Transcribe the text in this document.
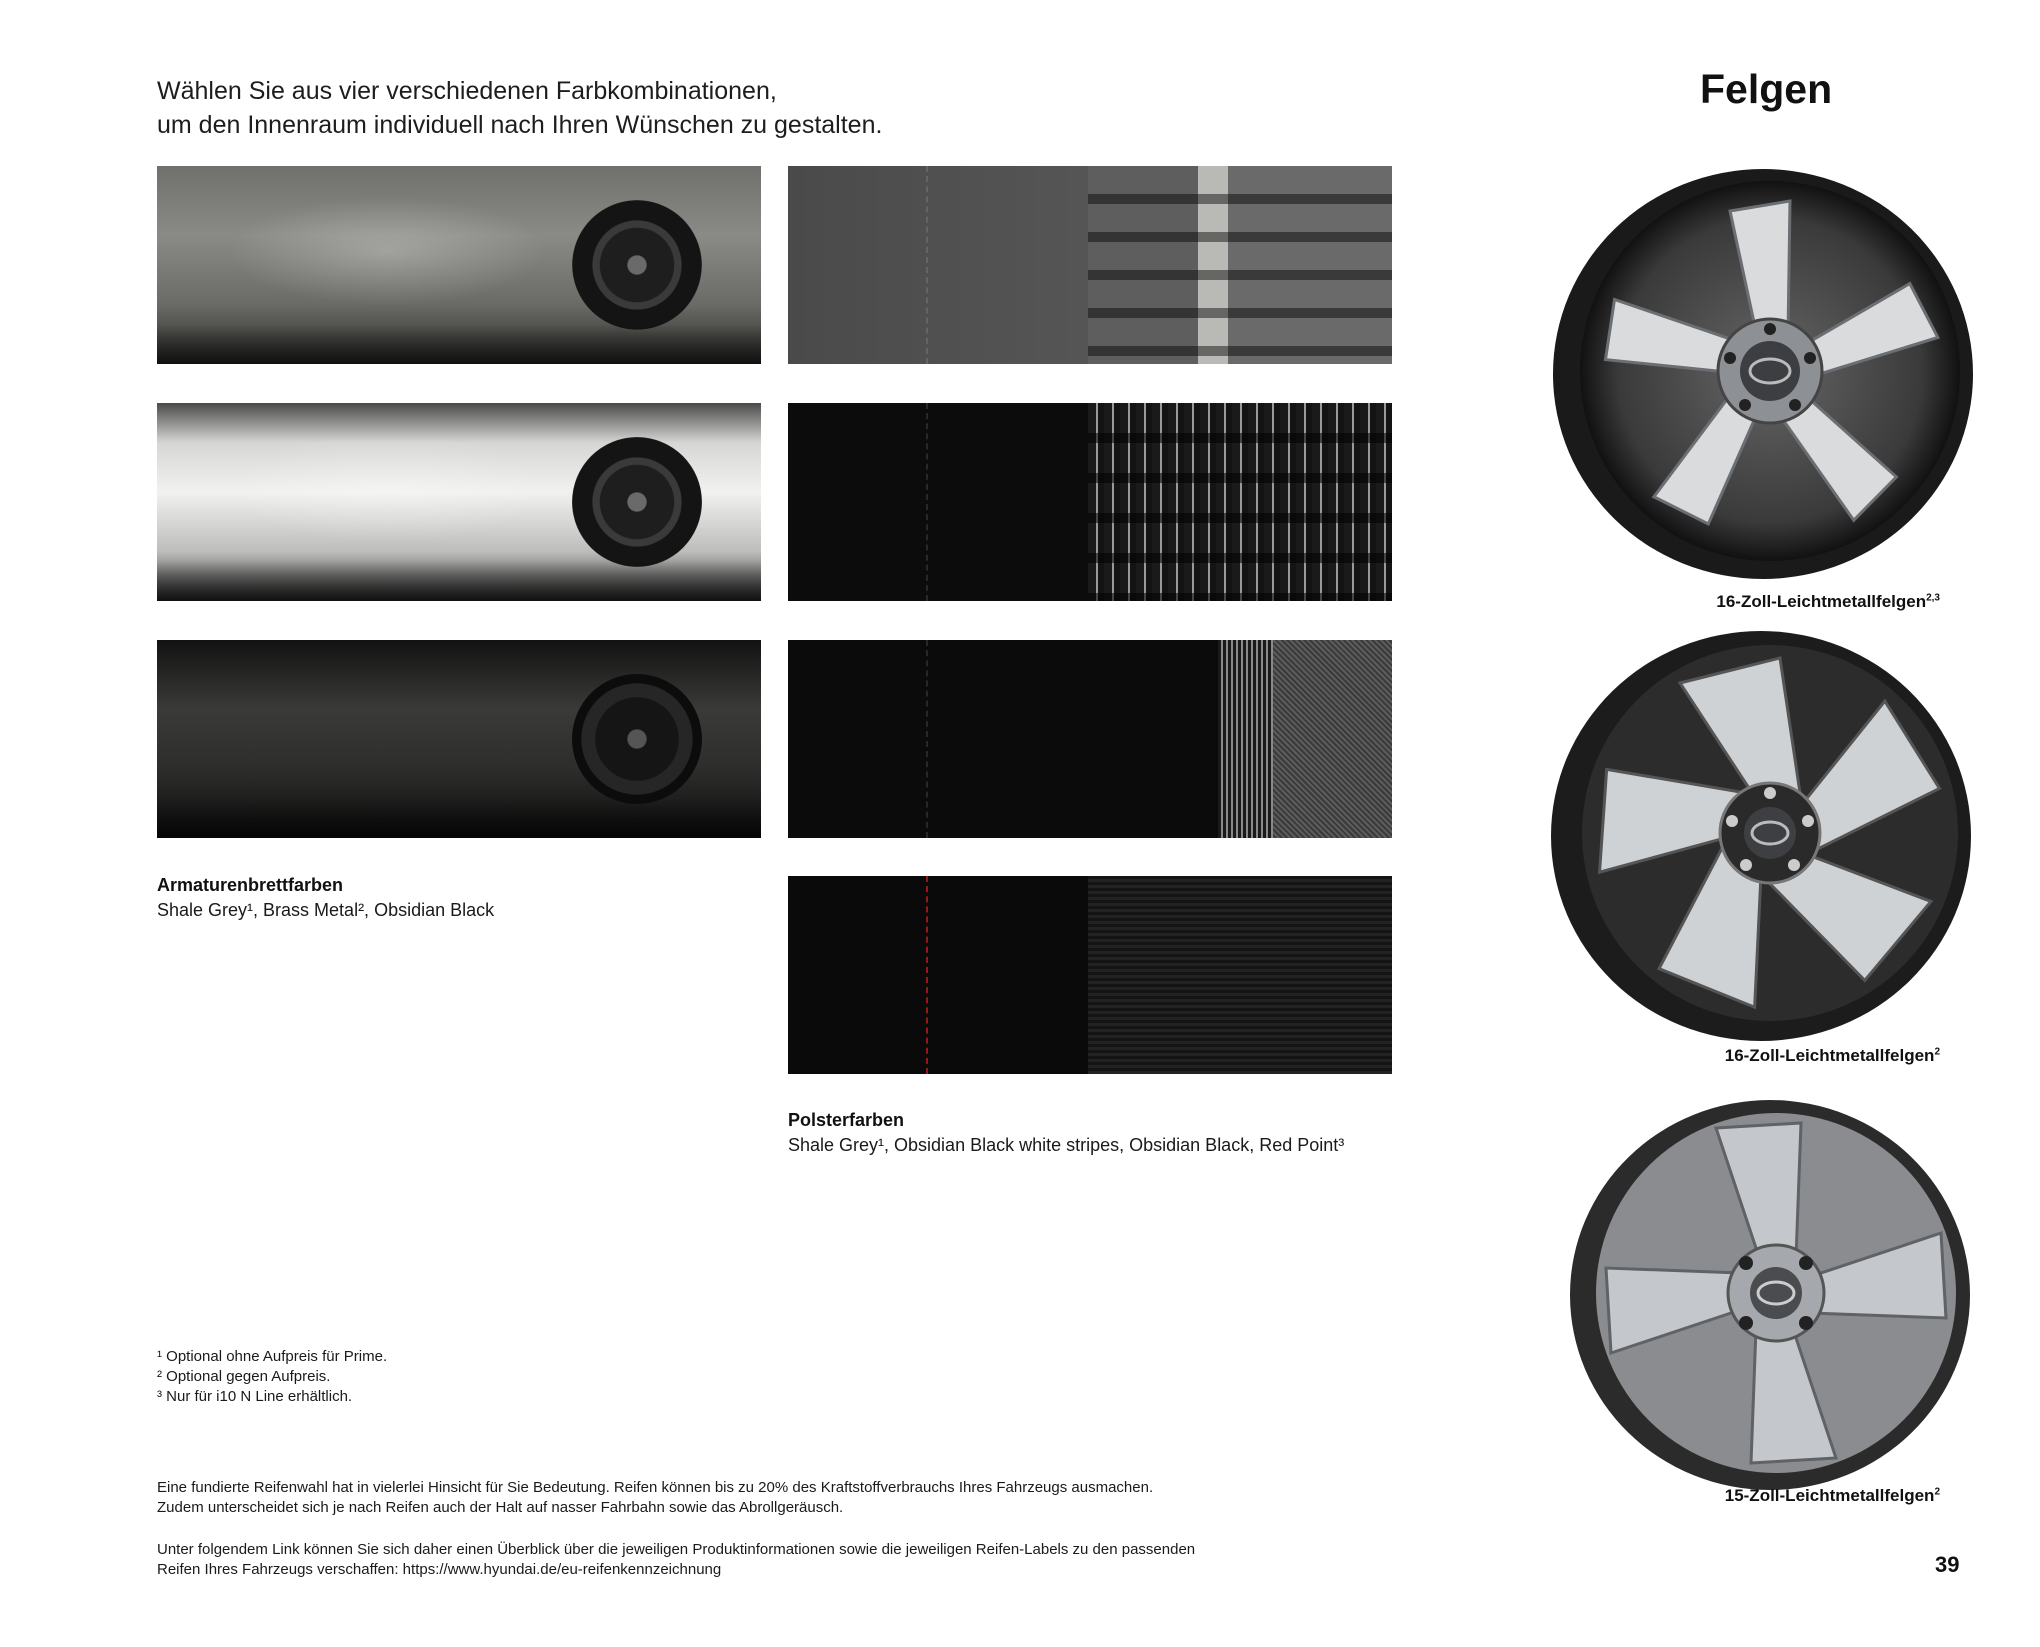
Wählen Sie aus vier verschiedenen Farbkombinationen,
um den Innenraum individuell nach Ihren Wünschen zu gestalten.
Felgen
Armaturenbrettfarben
Shale Grey¹, Brass Metal², Obsidian Black
Polsterfarben
Shale Grey¹, Obsidian Black white stripes, Obsidian Black, Red Point³
¹ Optional ohne Aufpreis für Prime.
² Optional gegen Aufpreis.
³ Nur für i10 N Line erhältlich.
Eine fundierte Reifenwahl hat in vielerlei Hinsicht für Sie Bedeutung. Reifen können bis zu 20% des Kraftstoffverbrauchs Ihres Fahrzeugs ausmachen.
Zudem unterscheidet sich je nach Reifen auch der Halt auf nasser Fahrbahn sowie das Abrollgeräusch.
Unter folgendem Link können Sie sich daher einen Überblick über die jeweiligen Produktinformationen sowie die jeweiligen Reifen-Labels zu den passenden
Reifen Ihres Fahrzeugs verschaffen: https://www.hyundai.de/eu-reifenkennzeichnung
16-Zoll-Leichtmetallfelgen$^{2,3}$
16-Zoll-Leichtmetallfelgen$^2$
15-Zoll-Leichtmetallfelgen$^2$
39
